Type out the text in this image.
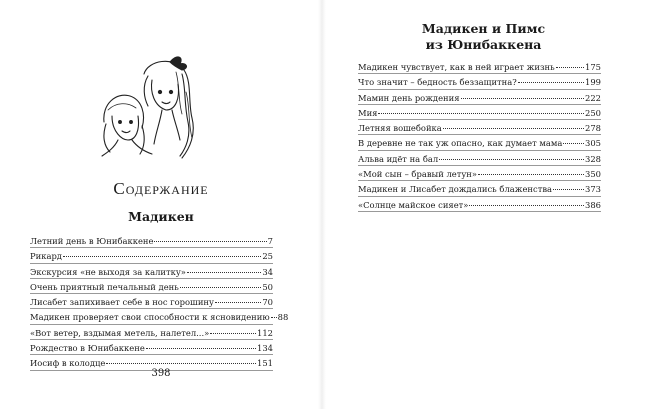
Содержание
Мадикен
Летний день в Юнибаккене	7
Рикард	25
Экскурсия «не выходя за калитку»	34
Очень приятный печальный день	50
Лисабет запихивает себе в нос горошину	70
Мадикен проверяет свои способности к ясновидению 88
«Вот ветер, вздымая метель, налетел...»	112
Рождество в Юнибаккене	134
Иосиф в колодце	151
398
Мадикен и Пимс
из Юнибаккена
Мадикен чувствует, как в ней играет жизнь	175
Что значит – бедность беззащитна?	199
Мамин день рождения	222
Мия	250
Летняя вошебойка	278
В деревне не так уж опасно, как думает мама	305
Альва идёт на бал	328
«Мой сын – бравый летун»	350
Мадикен и Лисабет дождались блаженства	373
«Солнце майское сияет»	386
